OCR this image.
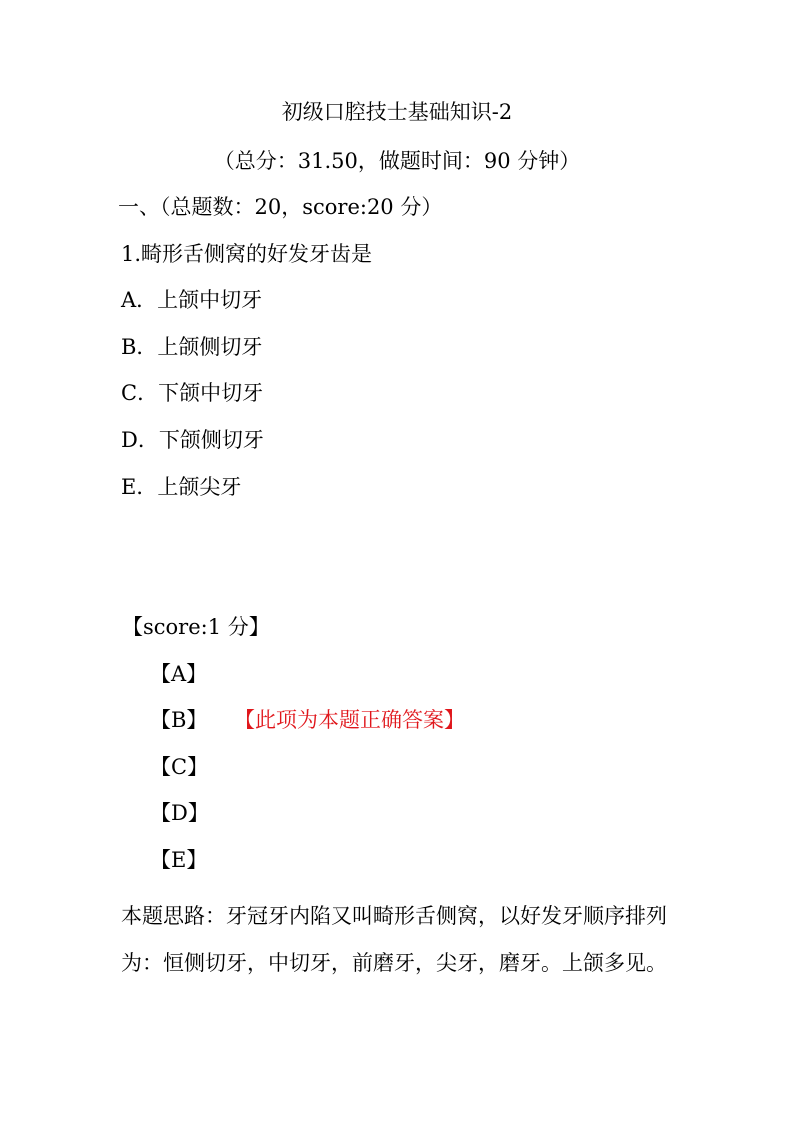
初级口腔技士基础知识-2
（总分：31.50，做题时间：90 分钟）
一、（总题数：20，score:20 分）
1.畸形舌侧窝的好发牙齿是
A．上颌中切牙
B．上颌侧切牙
C．下颌中切牙
D．下颌侧切牙
E．上颌尖牙
【score:1 分】
【A】
【B】 【此项为本题正确答案】
【C】
【D】
【E】
本题思路：牙冠牙内陷又叫畸形舌侧窝，以好发牙顺序排列为：恒侧切牙，中切牙，前磨牙，尖牙，磨牙。上颌多见。
